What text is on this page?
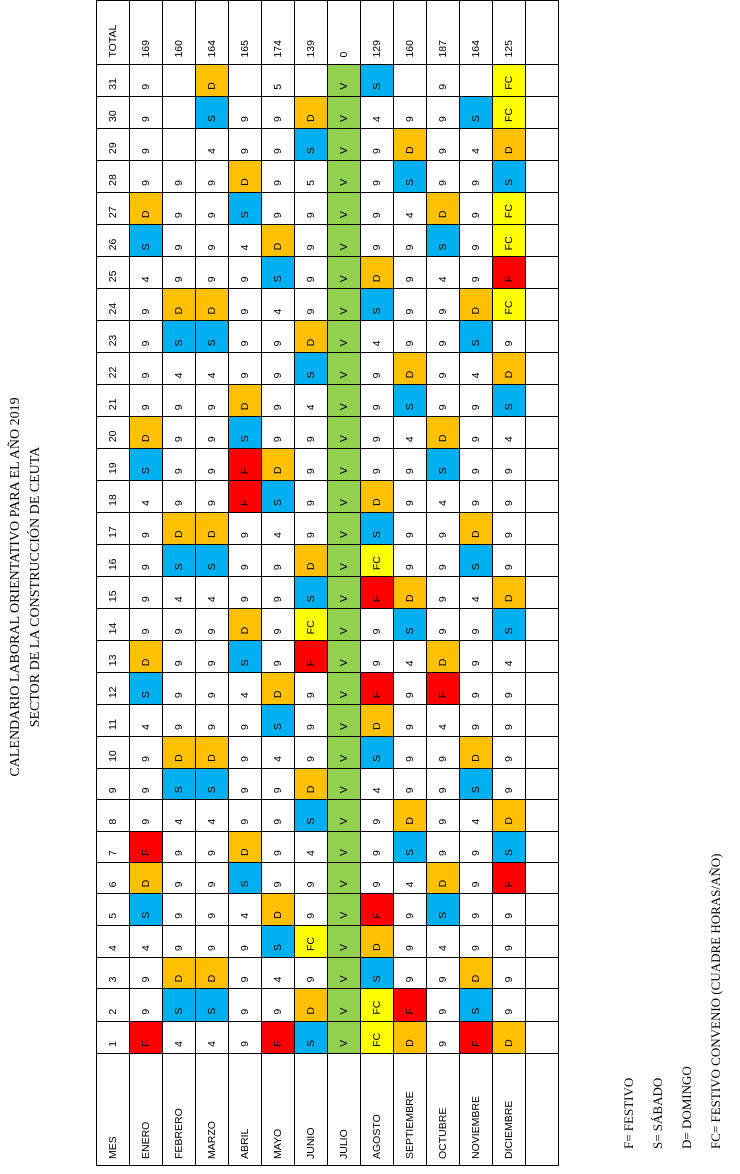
CALENDARIO LABORAL ORIENTATIVO PARA EL AÑO 2019 SECTOR DE LA CONSTRUCCIÓN DE CEUTA
MES	1	2	3	4	5	6	7	8	9	10	11	12	13	14	15	16	17	18	19	20	21	22	23	24	25	26	27	28	29	30	31	TOTAL
ENERO	F	9	9	4	S	D	F	9	9	9	4	S	D	9	9	9	9	4	S	D	9	9	9	9	4	S	D	9	9	9	9	169
FEBRERO	4	S	D	9	9	9	9	4	S	D	9	9	9	9	4	S	D	9	9	9	9	4	S	D	9	9	9	9				160
MARZO	4	S	D	9	9	9	9	4	S	D	9	9	9	9	4	S	D	9	9	9	9	4	S	D	9	9	9	9	4	S	D	164
ABRIL	9	9	9	9	4	S	D	9	9	9	9	4	S	D	9	9	9	F	F	S	D	9	9	9	9	4	S	D	9	9		165
MAYO	F	9	4	S	D	9	9	9	9	4	S	D	9	9	9	9	4	S	D	9	9	9	9	4	S	D	9	9	9	9	5	174
JUNIO	S	D	9	FC	9	9	4	S	D	9	9	9	F	FC	S	D	9	9	9	9	4	S	D	9	9	9	9	5	S	D		139
JULIO	V	V	V	V	V	V	V	V	V	V	V	V	V	V	V	V	V	V	V	V	V	V	V	V	V	V	V	V	V	V	V	0
AGOSTO	FC	FC	S	D	F	9	9	9	4	S	D	F	9	9	F	FC	S	D	9	9	9	9	4	S	D	9	9	9	9	4	S	129
SEPTIEMBRE	D	F	9	9	9	4	S	D	9	9	9	9	4	S	D	9	9	9	9	4	S	D	9	9	9	9	4	S	D	9		160
OCTUBRE	9	9	9	4	S	D	9	9	9	9	4	F	D	9	9	9	9	4	S	D	9	9	9	9	4	S	D	9	9	9	9	187
NOVIEMBRE	F	S	D	9	9	9	9	4	S	D	9	9	9	9	4	S	D	9	9	9	9	4	S	D	9	9	9	9	4	S		164
DICIEMBRE	D	9	9	9	9	F	S	D	9	9	9	9	4	S	D	9	9	9	9	4	S	D	9	FC	F	FC	FC	S	D	FC	FC	125

F= FESTIVO	S= SÁBADO	D= DOMINGO	FC= FESTIVO CONVENIO (CUADRE HORAS/AÑO)
